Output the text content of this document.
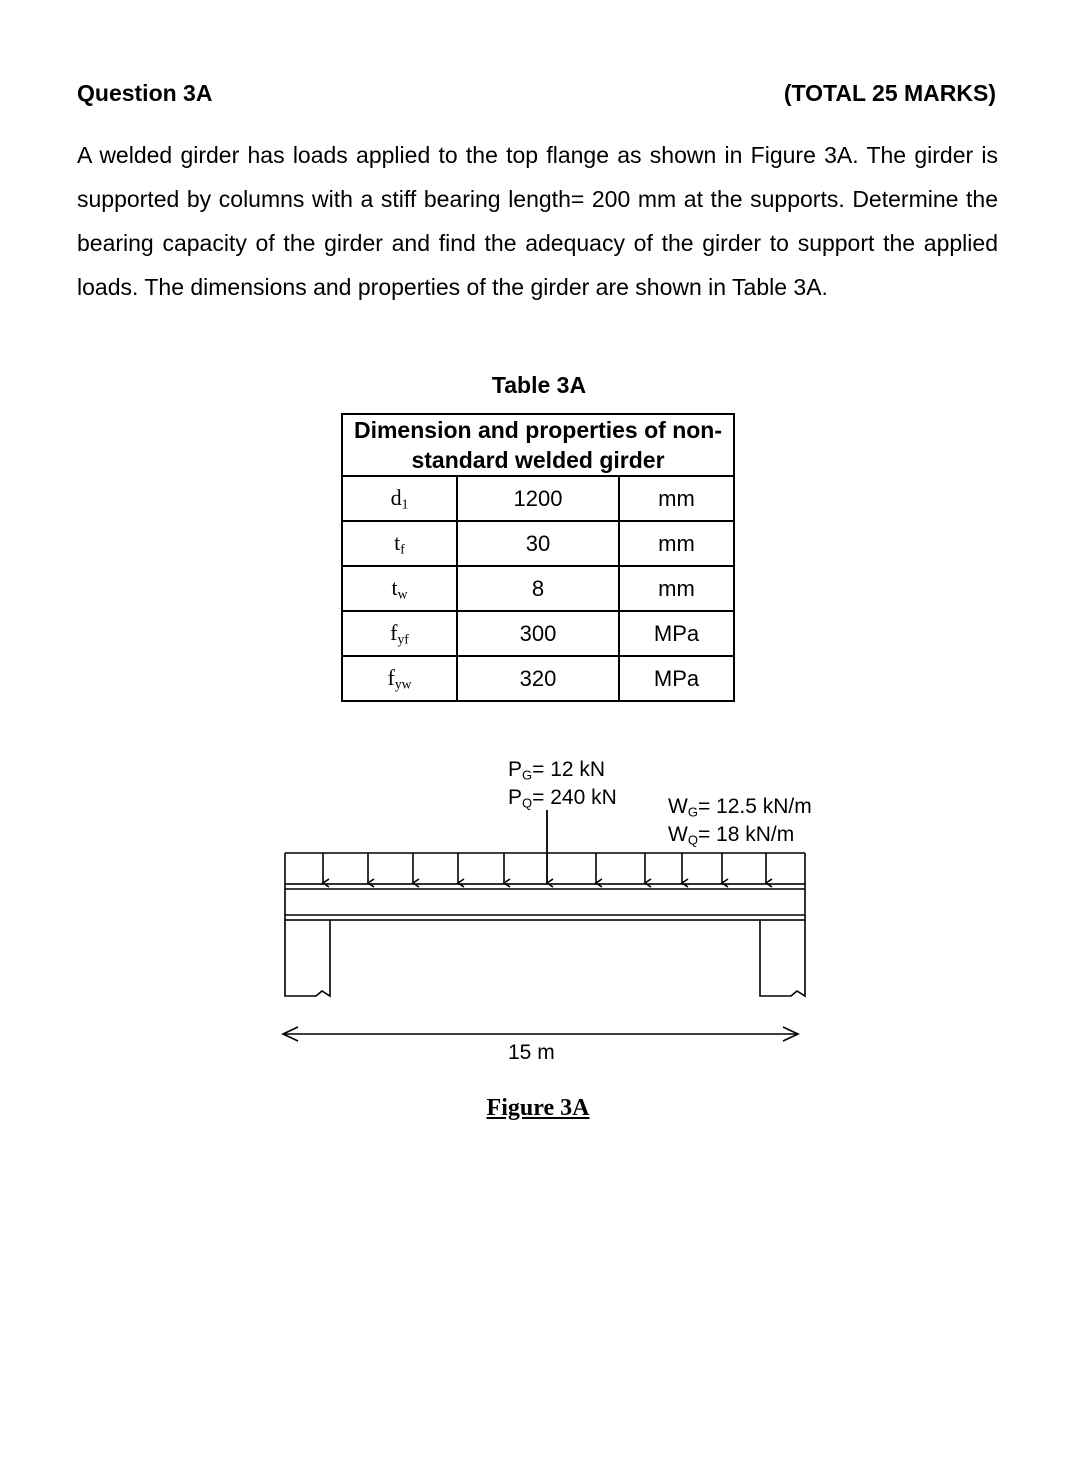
Question 3A	(TOTAL 25 MARKS)

A welded girder has loads applied to the top flange as shown in Figure 3A. The girder is supported by columns with a stiff bearing length= 200 mm at the supports. Determine the bearing capacity of the girder and find the adequacy of the girder to support the applied loads. The dimensions and properties of the girder are shown in Table 3A.

Table 3A
Dimension and properties of non-standard welded girder		
$d_1$	1200	mm
$t_f$	30	mm
$t_w$	8	mm
$f_{yf}$	300	MPa
$f_{yw}$	320	MPa
$P_G= 12$ kN
$P_Q= 240$ kN $W_G= 12.5$ kN/m
$W_Q= 18$ kN/m
15 m
Figure 3A
